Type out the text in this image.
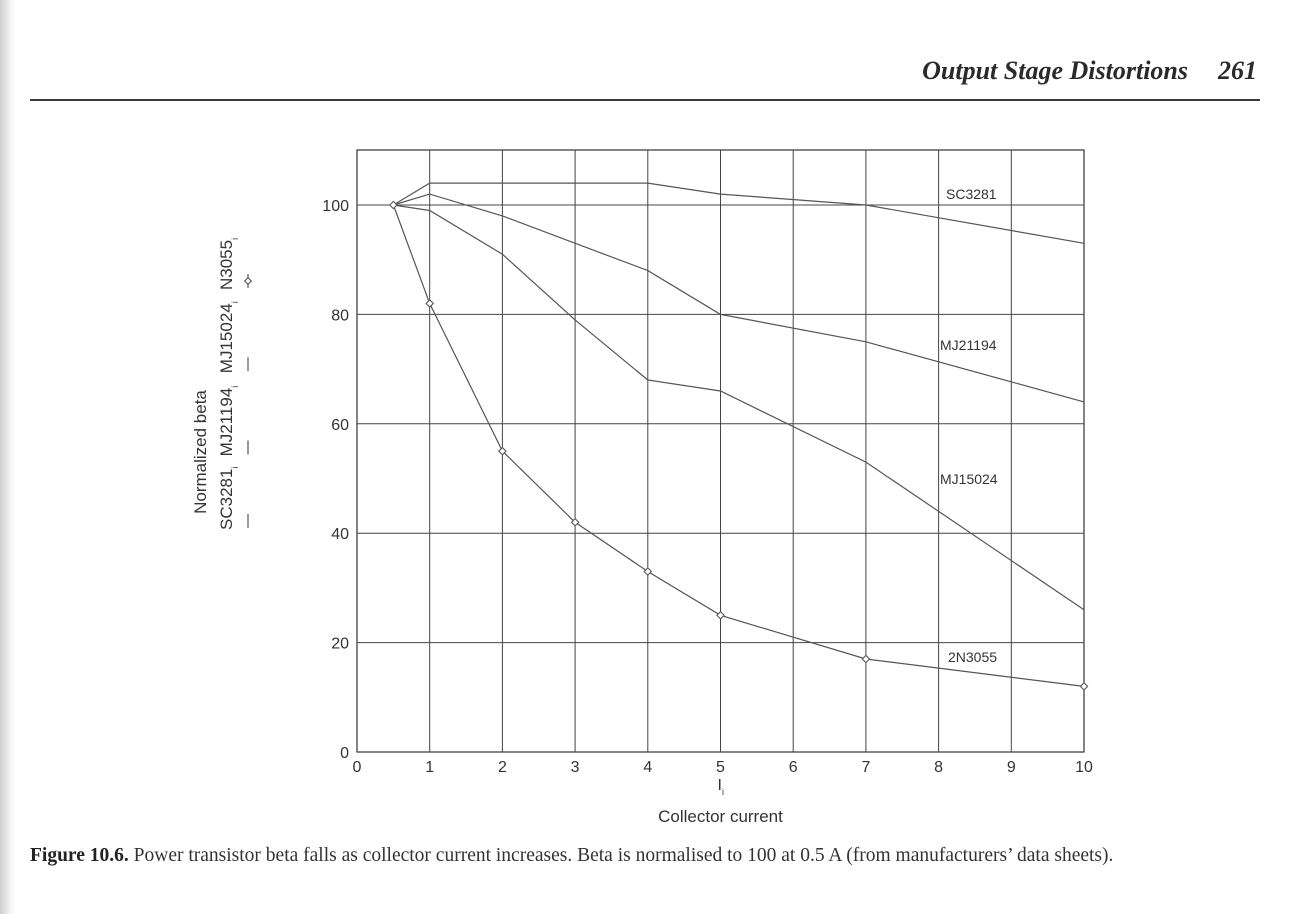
Output Stage Distortions 261
SC3281
MJ21194
MJ15024
2N3055
0	1	2	3	4	5	6	7	8	9	10
0
20
40
60
80
100
$SC3281_i$
$MJ21194_i$
$MJ15024_i$
$N3055_i$
Normalized beta
$I_i$
Collector current
Figure 10.6. Power transistor beta falls as collector current increases. Beta is normalised to 100 at 0.5 A (from manufacturers’ data sheets).
